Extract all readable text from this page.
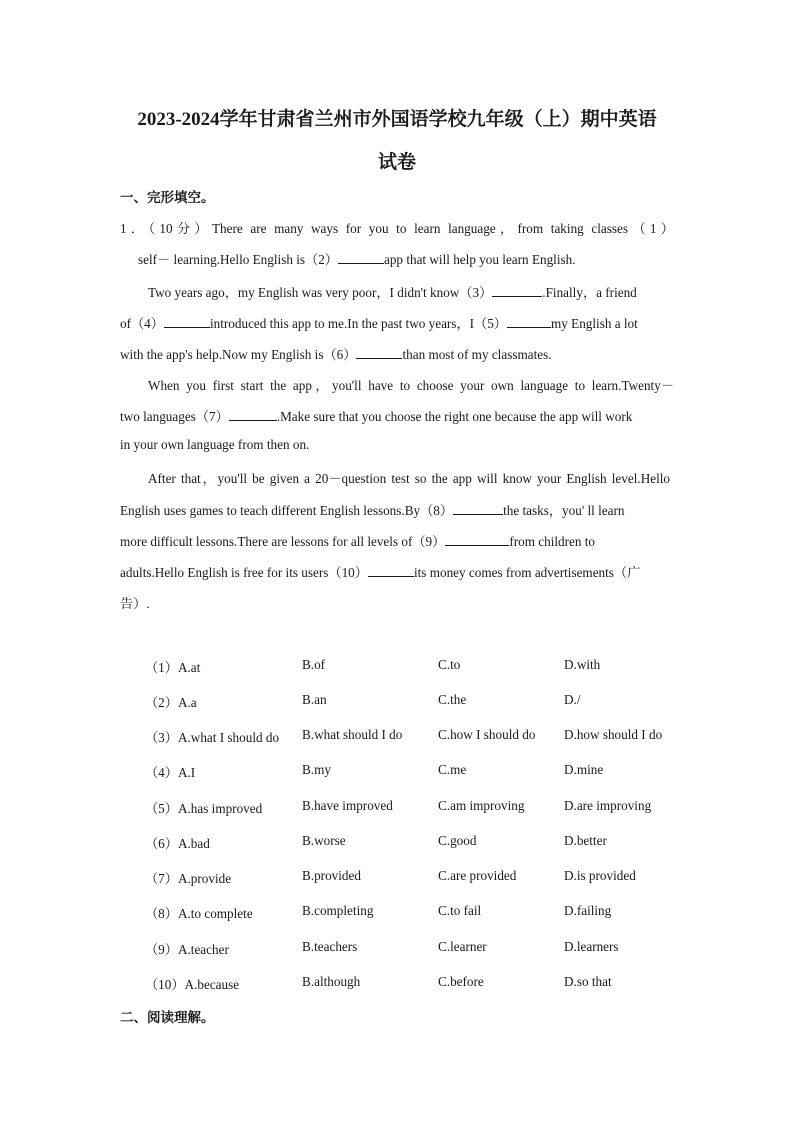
2023-2024学年甘肃省兰州市外国语学校九年级（上）期中英语
试卷
一、完形填空。
1．（10分）There are many ways for you to learn language，from taking classes（1）
self－ learning.Hello English is（2）	app that will help you learn English.
Two years ago，my English was very poor，I didn't know（3）	.Finally，a friend
of（4）	introduced this app to me.In the past two years，I（5）	my English a lot
with the app's help.Now my English is（6）	than most of my classmates.
When you first start the app，you'll have to choose your own language to learn.Twenty－
two languages（7）	.Make sure that you choose the right one because the app will work
in your own language from then on.
After that，you'll be given a 20－question test so the app will know your English level.Hello
English uses games to teach different English lessons.By（8）	the tasks，you' ll learn
more difficult lessons.There are lessons for all levels of（9）	from children to
adults.Hello English is free for its users（10）	its money comes from advertisements（广
告）.
（1）A.at	B.of	C.to	D.with
（2）A.a	B.an	C.the	D./
（3）A.what I should do B.what should I do	C.how I should do D.how should I do
（4）A.I	B.my	C.me	D.mine
（5）A.has improved	B.have improved	C.am improving	D.are improving
（6）A.bad	B.worse	C.good	D.better
（7）A.provide	B.provided	C.are provided	D.is provided
（8）A.to complete	B.completing	C.to fail	D.failing
（9）A.teacher	B.teachers	C.learner	D.learners
（10）A.because	B.although	C.before	D.so that
二、阅读理解。
